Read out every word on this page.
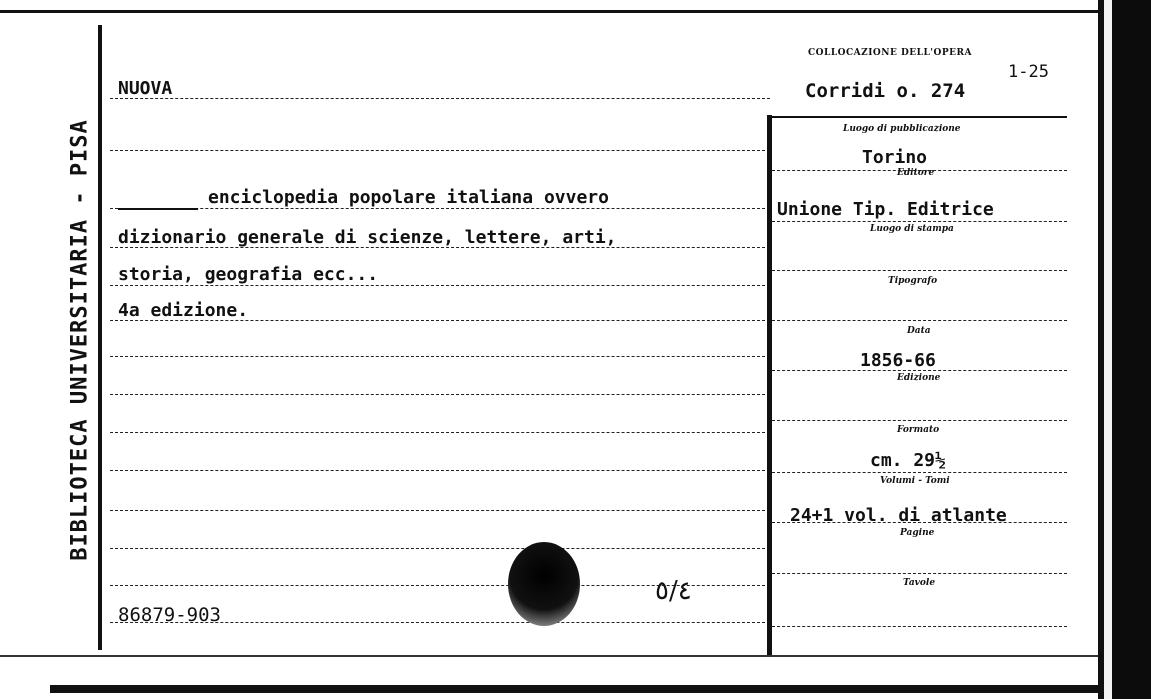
BIBLIOTECA UNIVERSITARIA - PISA
COLLOCAZIONE DELL'OPERA
Corridi o. 274
1-25
Luogo di pubblicazione
Torino
Editore
Unione Tip. Editrice
Luogo di stampa
Tipografo
Data
1856-66
Edizione
Formato
cm. 29½
Volumi - Tomi
24+1 vol. di atlante
Pagine
Tavole
NUOVA
enciclopedia popolare italiana ovvero
dizionario generale di scienze, lettere, arti,
storia, geografia ecc...
4a edizione.
86879-903
٥/٤
